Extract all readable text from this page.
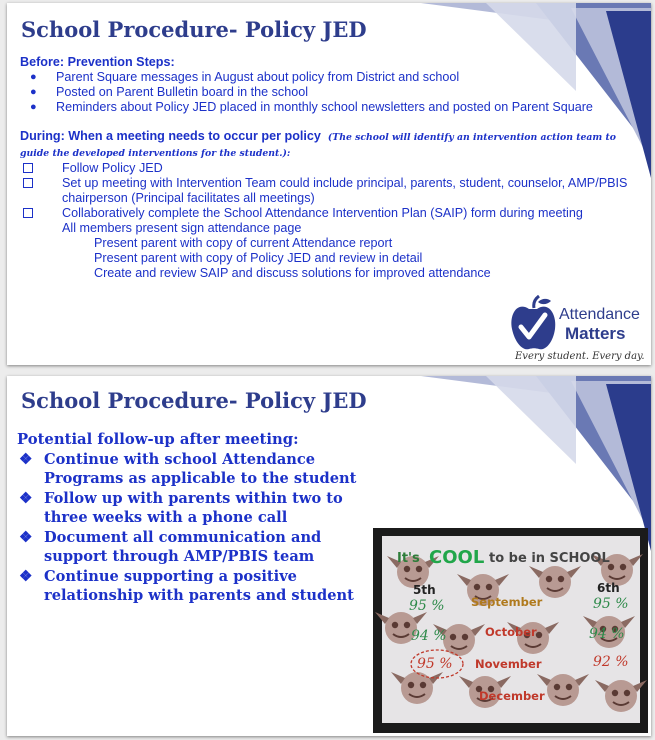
School Procedure- Policy JED
Before: Prevention Steps:
● Parent Square messages in August about policy from District and school
● Posted on Parent Bulletin board in the school
● Reminders about Policy JED placed in monthly school newsletters and posted on Parent Square
During: When a meeting needs to occur per policy (The school will identify an intervention action team to guide the developed interventions for the student.):
Follow Policy JED
Set up meeting with Intervention Team could include principal, parents, student, counselor, AMP/PBIS chairperson (Principal facilitates all meetings)
Collaboratively complete the School Attendance Intervention Plan (SAIP) form during meeting
All members present sign attendance page
Present parent with copy of current Attendance report
Present parent with copy of Policy JED and review in detail
Create and review SAIP and discuss solutions for improved attendance
Attendance
Matters
Every student. Every day.
School Procedure- Policy JED
Potential follow-up after meeting:
❖ Continue with school Attendance Programs as applicable to the student
❖ Follow up with parents within two to three weeks with a phone call
❖ Document all communication and support through AMP/PBIS team
❖ Continue supporting a positive relationship with parents and student
It's COOL to be in SCHOOL
5th	6th
September
October
November
December
95 %
94 %
95 %
95 %
94 %
92 %
